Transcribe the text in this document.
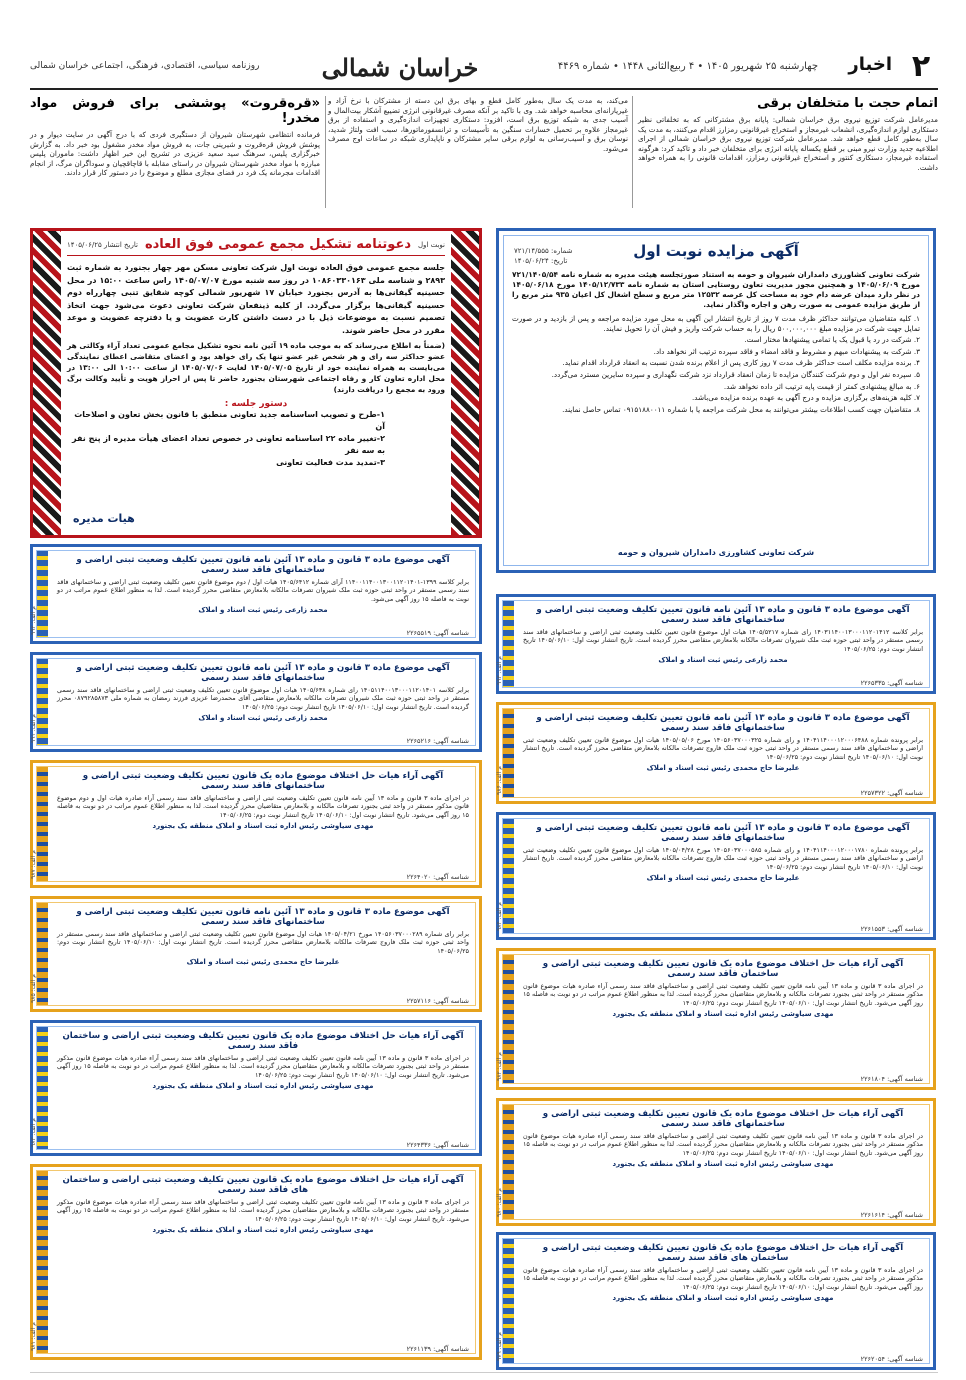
۲
اخبار
چهارشنبه ۲۵ شهریور ۱۴۰۵ • ۴ ربیع‌الثانی ۱۴۴۸ • شماره ۴۴۶۹
خراسان شمالی
روزنامه سیاسی، اقتصادی، فرهنگی، اجتماعی خراسان شمالی
اتمام حجت با متخلفان برقی
مدیرعامل شرکت توزیع نیروی برق خراسان شمالی: پایانه برق مشترکانی که به تخلفاتی نظیر دستکاری لوازم اندازه‌گیری، انشعاب غیرمجاز و استخراج غیرقانونی رمزارز اقدام می‌کنند، به مدت یک سال به‌طور کامل قطع خواهد شد. مدیرعامل شرکت توزیع نیروی برق خراسان شمالی از اجرای اطلاعیه جدید وزارت نیرو مبنی بر قطع یکساله پایانه انرژی برای متخلفان خبر داد و تاکید کرد: هرگونه استفاده غیرمجاز، دستکاری کنتور و استخراج غیرقانونی رمزارز، اقدامات قانونی را به همراه خواهد داشت.
می‌کند، به مدت یک سال به‌طور کامل قطع و بهای برق این دسته از مشترکان با نرخ آزاد و غیریارانه‌ای محاسبه خواهد شد. وی با تاکید بر آنکه مصرف غیرقانونی انرژی تضییع آشکار بیت‌المال و آسیب جدی به شبکه توزیع برق است، افزود: دستکاری تجهیزات اندازه‌گیری و استفاده از برق غیرمجاز علاوه بر تحمیل خسارات سنگین به تأسیسات و ترانسفورماتورها، سبب افت ولتاژ شدید، نوسان برق و آسیب‌رسانی به لوازم برقی سایر مشترکان و ناپایداری شبکه در ساعات اوج مصرف می‌شود.
«قرەقروت» پوششی برای فروش مواد مخدر!
فرمانده انتظامی شهرستان شیروان از دستگیری فردی که با درج آگهی در سایت دیوار و در پوشش فروش قره‌قروت و شیرینی جات، به فروش مواد مخدر مشغول بود خبر داد. به گزارش خبرگزاری پلیس، سرهنگ سید سعید عزیزی در تشریح این خبر اظهار داشت: ماموران پلیس مبارزه با مواد مخدر شهرستان شیروان در راستای مقابله با قاچاقچیان و سوداگران مرگ، از انجام اقدامات مجرمانه یک فرد در فضای مجازی مطلع و موضوع را در دستور کار قرار دادند.
شماره: ۷۲۱/۱۴/۵۵۵
تاریخ: ۱۴۰۵/۰۶/۲۴
آگهی مزایده نوبت اول
شرکت تعاونی کشاورزی دامداران شیروان و حومه به استناد صورتجلسه هیئت مدیره به شماره نامه ۷۲۱/۱۴۰۵/۵۴ مورخ ۱۴۰۵/۰۶/۰۹ و همچنین مجوز مدیریت تعاون روستایی استان به شماره نامه ۱۴۰۵/۱۲/۷۳۳ مورخ ۱۴۰۵/۰۶/۱۸ در نظر دارد میدان عرضه دام خود به مساحت کل عرصه ۱۲۵۳۲ متر مربع و سطح اشغال کل اعیان ۹۳۵ متر مربع را از طریق مزایده عمومی به صورت رهن و اجاره واگذار نماید.
۱. کلیه متقاضیان می‌توانند حداکثر ظرف مدت ۷ روز از تاریخ انتشار این آگهی به محل مورد مزایده مراجعه و پس از بازدید و در صورت تمایل جهت شرکت در مزایده مبلغ ۵۰۰,۰۰۰,۰۰۰ ریال را به حساب شرکت واریز و فیش آن را تحویل نمایند.
۲. شرکت در رد یا قبول یک یا تمامی پیشنهادها مختار است.
۳. شرکت به پیشنهادات مبهم و مشروط و فاقد امضاء و فاقد سپرده ترتیب اثر نخواهد داد.
۴. برنده مزایده مکلف است حداکثر ظرف مدت ۷ روز کاری پس از اعلام برنده شدن نسبت به انعقاد قرارداد اقدام نماید.
۵. سپرده نفر اول و دوم شرکت کنندگان مزایده تا زمان انعقاد قرارداد نزد شرکت نگهداری و سپرده سایرین مسترد می‌گردد.
۶. به مبالغ پیشنهادی کمتر از قیمت پایه ترتیب اثر داده نخواهد شد.
۷. کلیه هزینه‌های برگزاری مزایده و درج آگهی به عهده برنده مزایده می‌باشد.
۸. متقاضیان جهت کسب اطلاعات بیشتر می‌توانند به محل شرکت مراجعه یا با شماره ۰۹۱۵۱۸۸۰۰۱۱ تماس حاصل نمایند.
شرکت تعاونی کشاورزی دامداران شیروان و حومه
نوبت اول
دعوتنامه تشکیل مجمع عمومی فوق العاده
تاریخ انتشار ۱۴۰۵/۰۶/۲۵
جلسه مجمع عمومی فوق العاده نوبت اول شرکت تعاونی مسکن مهر چهار بجنورد به شماره ثبت ۲۸۹۳ و شناسه ملی ۱۰۸۶۰۳۳۰۱۶۳ در روز سه شنبه مورخ ۱۴۰۵/۰۷/۰۷ راس ساعت ۱۵:۰۰ در محل حسینیه گیفانی‌ها به آدرس بجنورد خیابان ۱۷ شهریور شمالی کوچه شقایق تنبی چهارراه دوم حسینیه گیفانی‌ها برگزار می‌گردد. از کلیه ذینفعان شرکت تعاونی دعوت می‌شود جهت اتخاذ تصمیم نسبت به موضوعات ذیل با در دست داشتن کارت عضویت و یا دفترچه عضویت و موعد مقرر در محل حاضر شوند.
(ضمناً به اطلاع می‌رساند که به موجب ماده ۱۹ آئین نامه نحوه تشکیل مجامع عمومی تعداد آراء وکالتی هر عضو حداکثر سه رای و هر شخص غیر عضو تنها یک رای خواهد بود و اعضای متقاضی اعطای نمایندگی می‌بایست به همراه نماینده خود از تاریخ ۱۴۰۵/۰۷/۰۵ لغایت ۱۴۰۵/۰۷/۰۶ از ساعت ۱۰:۰۰ الی ۱۳:۰۰ در محل اداره تعاون کار و رفاه اجتماعی شهرستان بجنورد حاضر تا پس از احراز هویت و تأیید وکالت برگ ورود به مجمع را دریافت دارند)
دستور جلسه :
۱-طرح و تصویب اساسنامه جدید تعاونی منطبق با قانون بخش تعاون و اصلاحات آن
۲-تغییر ماده ۲۲ اساسنامه تعاونی در خصوص تعداد اعضای هیأت مدیره از پنج نفر به سه نفر
۳-تمدید مدت فعالیت تعاونی
هیات مدیره
آگهی موضوع ماده ۳ قانون و ماده ۱۳ آئین نامه قانون تعیین تکلیف وضعیت ثبتی اراضی و ساختمانهای فاقد سند رسمی

برابر کلاسه ۱۳۹۹-۱۱۴۰۰۱۱۴۰۰۱۳۰۰۱۱۲۰۱۴۰۱ آرای شماره ۱۴۰۵/۶۴۱۲ هیات اول / دوم موضوع قانون تعیین تکلیف وضعیت ثبتی اراضی و ساختمانهای فاقد سند رسمی مستقر در واحد ثبتی حوزه ثبت ملک شیروان تصرفات مالکانه بلامعارض متقاضی محرز گردیده است. لذا به منظور اطلاع عموم مراتب در دو نوبت به فاصله ۱۵ روز آگهی می‌شود.

محمد زارعی رئیس ثبت اسناد و املاک
شناسه آگهی: ۲۲۶۵۵۱۹
م الف: ۹۹۲
آگهی موضوع ماده ۳ قانون و ماده ۱۳ آئین نامه قانون تعیین تکلیف وضعیت ثبتی اراضی و ساختمانهای فاقد سند رسمی

برابر کلاسه ۱۴۰۵۱۱۴۰۰۱۳۰۰۰۱۱۲۰۱۴۰۱ رای شماره ۱۴۰۵/۶۳۸ هیات اول موضوع قانون تعیین تکلیف وضعیت ثبتی اراضی و ساختمانهای فاقد سند رسمی مستقر در واحد ثبتی حوزه ثبت ملک شیروان تصرفات مالکانه بلامعارض متقاضی آقای محمدرضا عزیزی فرزند رمضان به شماره ملی ۰۸۷۹۲۸۵۸۷۳ محرز گردیده است. تاریخ انتشار نوبت اول: ۱۴۰۵/۰۶/۱۰ تاریخ انتشار نوبت دوم: ۱۴۰۵/۰۶/۲۵

محمد زارعی رئیس ثبت اسناد و املاک
شناسه آگهی: ۲۲۶۵۲۱۶
م الف: ۹۹۱
آگهی آراء هیات حل اختلاف موضوع ماده یک قانون تعیین تکلیف وضعیت ثبتی اراضی و ساختمانهای فاقد سند رسمی

در اجرای ماده ۳ قانون و ماده ۱۳ آیین نامه قانون تعیین تکلیف وضعیت ثبتی اراضی و ساختمانهای فاقد سند رسمی آراء صادره هیات اول و دوم موضوع قانون مذکور مستقر در واحد ثبتی بجنورد تصرفات مالکانه و بلامعارض متقاضیان محرز گردیده است. لذا به منظور اطلاع عموم مراتب در دو نوبت به فاصله ۱۵ روز آگهی می‌شود. تاریخ انتشار نوبت اول: ۱۴۰۵/۰۶/۱۰ تاریخ انتشار نوبت دوم: ۱۴۰۵/۰۶/۲۵

مهدی سیاوشی رئیس اداره ثبت اسناد و املاک منطقه یک بجنورد
شناسه آگهی: ۲۲۶۴۰۲۰
م الف: ۹۸۷
آگهی موضوع ماده ۳ قانون و ماده ۱۳ آئین نامه قانون تعیین تکلیف وضعیت ثبتی اراضی و ساختمانهای فاقد سند رسمی

برابر رای شماره ۱۴۰۵۶۰۳۷۰۰۰۲۸۹ مورخ ۱۴۰۵/۰۴/۲۱ هیات اول موضوع قانون تعیین تکلیف وضعیت ثبتی اراضی و ساختمانهای فاقد سند رسمی مستقر در واحد ثبتی حوزه ثبت ملک فاروج تصرفات مالکانه بلامعارض متقاضی محرز گردیده است. تاریخ انتشار نوبت اول: ۱۴۰۵/۰۶/۱۰ تاریخ انتشار نوبت دوم: ۱۴۰۵/۰۶/۲۵

علیرضا حاج محمدی رئیس ثبت اسناد و املاک
شناسه آگهی: ۲۲۵۷۱۱۶
م الف: ۹۸۵
آگهی آراء هیات حل اختلاف موضوع ماده یک قانون تعیین تکلیف وضعیت ثبتی اراضی و ساختمان فاقد سند رسمی

در اجرای ماده ۳ قانون و ماده ۱۳ آیین نامه قانون تعیین تکلیف وضعیت ثبتی اراضی و ساختمانهای فاقد سند رسمی آراء صادره هیات موضوع قانون مذکور مستقر در واحد ثبتی بجنورد تصرفات مالکانه و بلامعارض متقاضیان محرز گردیده است. لذا به منظور اطلاع عموم مراتب در دو نوبت به فاصله ۱۵ روز آگهی می‌شود. تاریخ انتشار نوبت اول: ۱۴۰۵/۰۶/۱۰ تاریخ انتشار نوبت دوم: ۱۴۰۵/۰۶/۲۵

مهدی سیاوشی رئیس اداره ثبت اسناد و املاک منطقه یک بجنورد
شناسه آگهی: ۲۲۶۴۳۳۶
م الف: ۹۸۳
آگهی آراء هیات حل اختلاف موضوع ماده یک قانون تعیین تکلیف وضعیت ثبتی اراضی و ساختمان های فاقد سند رسمی

در اجرای ماده ۳ قانون و ماده ۱۳ آیین نامه قانون تعیین تکلیف وضعیت ثبتی اراضی و ساختمانهای فاقد سند رسمی آراء صادره هیات موضوع قانون مذکور مستقر در واحد ثبتی بجنورد تصرفات مالکانه و بلامعارض متقاضیان محرز گردیده است. لذا به منظور اطلاع عموم مراتب در دو نوبت به فاصله ۱۵ روز آگهی می‌شود. تاریخ انتشار نوبت اول: ۱۴۰۵/۰۶/۱۰ تاریخ انتشار نوبت دوم: ۱۴۰۵/۰۶/۲۵

مهدی سیاوشی رئیس اداره ثبت اسناد و املاک منطقه یک بجنورد
شناسه آگهی: ۲۲۶۱۱۳۹
م الف: ۹۸۱
آگهی موضوع ماده ۳ قانون و ماده ۱۳ آئین نامه قانون تعیین تکلیف وضعیت ثبتی اراضی و ساختمانهای فاقد سند رسمی

برابر کلاسه ۱۴۰۳۱۱۴۰۰۱۳۰۰۰۱۱۲۰۱۴۱۲ رای شماره ۱۴۰۵/۵۲۱۷ هیات اول موضوع قانون تعیین تکلیف وضعیت ثبتی اراضی و ساختمانهای فاقد سند رسمی مستقر در واحد ثبتی حوزه ثبت ملک شیروان تصرفات مالکانه بلامعارض متقاضی محرز گردیده است. تاریخ انتشار نوبت اول: ۱۴۰۵/۰۶/۱۰ تاریخ انتشار نوبت دوم: ۱۴۰۵/۰۶/۲۵

محمد زارعی رئیس ثبت اسناد و املاک
شناسه آگهی: ۲۲۶۵۳۳۵
م الف: ۹۹۳
آگهی موضوع ماده ۳ قانون و ماده ۱۳ آئین نامه قانون تعیین تکلیف وضعیت ثبتی اراضی و ساختمانهای فاقد سند رسمی

برابر پرونده شماره ۱۴۰۴۱۱۴۰۰۰۱۲۰۰۰۶۴۸۸ و رای شماره ۱۴۰۵۶۰۳۷۰۰۰۳۲۵ مورخ ۱۴۰۵/۰۵/۰۶ هیات اول موضوع قانون تعیین تکلیف وضعیت ثبتی اراضی و ساختمانهای فاقد سند رسمی مستقر در واحد ثبتی حوزه ثبت ملک فاروج تصرفات مالکانه بلامعارض متقاضی محرز گردیده است. تاریخ انتشار نوبت اول: ۱۴۰۵/۰۶/۱۰ تاریخ انتشار نوبت دوم: ۱۴۰۵/۰۶/۲۵

علیرضا حاج محمدی رئیس ثبت اسناد و املاک
شناسه آگهی: ۲۲۵۷۳۲۲
م الف: ۹۸۶
آگهی موضوع ماده ۳ قانون و ماده ۱۳ آئین نامه قانون تعیین تکلیف وضعیت ثبتی اراضی و ساختمانهای فاقد سند رسمی

برابر پرونده شماره ۱۴۰۴۱۱۴۰۰۰۱۲۰۰۰۱۷۸۰ و رای شماره ۱۴۰۵۶۰۳۷۰۰۰۵۸۵ مورخ ۱۴۰۵/۰۴/۲۸ هیات اول موضوع قانون تعیین تکلیف وضعیت ثبتی اراضی و ساختمانهای فاقد سند رسمی مستقر در واحد ثبتی حوزه ثبت ملک فاروج تصرفات مالکانه بلامعارض متقاضی محرز گردیده است. تاریخ انتشار نوبت اول: ۱۴۰۵/۰۶/۱۰ تاریخ انتشار نوبت دوم: ۱۴۰۵/۰۶/۲۵

علیرضا حاج محمدی رئیس ثبت اسناد و املاک
شناسه آگهی: ۲۲۶۱۵۵۳
م الف: ۹۸۴
آگهی آراء هیات حل اختلاف موضوع ماده یک قانون تعیین تکلیف وضعیت ثبتی اراضی و ساختمان فاقد سند رسمی

در اجرای ماده ۳ قانون و ماده ۱۳ آیین نامه قانون تعیین تکلیف وضعیت ثبتی اراضی و ساختمانهای فاقد سند رسمی آراء صادره هیات موضوع قانون مذکور مستقر در واحد ثبتی بجنورد تصرفات مالکانه و بلامعارض متقاضیان محرز گردیده است. لذا به منظور اطلاع عموم مراتب در دو نوبت به فاصله ۱۵ روز آگهی می‌شود. تاریخ انتشار نوبت اول: ۱۴۰۵/۰۶/۱۰ تاریخ انتشار نوبت دوم: ۱۴۰۵/۰۶/۲۵

مهدی سیاوشی رئیس اداره ثبت اسناد و املاک منطقه یک بجنورد
شناسه آگهی: ۲۲۶۱۸۰۴
م الف: ۹۸۲
آگهی آراء هیات حل اختلاف موضوع ماده یک قانون تعیین تکلیف وضعیت ثبتی اراضی و ساختمانهای فاقد سند رسمی

در اجرای ماده ۳ قانون و ماده ۱۳ آیین نامه قانون تعیین تکلیف وضعیت ثبتی اراضی و ساختمانهای فاقد سند رسمی آراء صادره هیات موضوع قانون مذکور مستقر در واحد ثبتی بجنورد تصرفات مالکانه و بلامعارض متقاضیان محرز گردیده است. لذا به منظور اطلاع عموم مراتب در دو نوبت به فاصله ۱۵ روز آگهی می‌شود. تاریخ انتشار نوبت اول: ۱۴۰۵/۰۶/۱۰ تاریخ انتشار نوبت دوم: ۱۴۰۵/۰۶/۲۵

مهدی سیاوشی رئیس اداره ثبت اسناد و املاک منطقه یک بجنورد
شناسه آگهی: ۲۲۶۱۶۱۴
م الف: ۹۸۰
آگهی آراء هیات حل اختلاف موضوع ماده یک قانون تعیین تکلیف وضعیت ثبتی اراضی و ساختمان های فاقد سند رسمی

در اجرای ماده ۳ قانون و ماده ۱۳ آیین نامه قانون تعیین تکلیف وضعیت ثبتی اراضی و ساختمانهای فاقد سند رسمی آراء صادره هیات موضوع قانون مذکور مستقر در واحد ثبتی بجنورد تصرفات مالکانه و بلامعارض متقاضیان محرز گردیده است. لذا به منظور اطلاع عموم مراتب در دو نوبت به فاصله ۱۵ روز آگهی می‌شود. تاریخ انتشار نوبت اول: ۱۴۰۵/۰۶/۱۰ تاریخ انتشار نوبت دوم: ۱۴۰۵/۰۶/۲۵

مهدی سیاوشی رئیس اداره ثبت اسناد و املاک منطقه یک بجنورد
شناسه آگهی: ۲۲۶۲۰۵۴
م الف: ۹۷۹
